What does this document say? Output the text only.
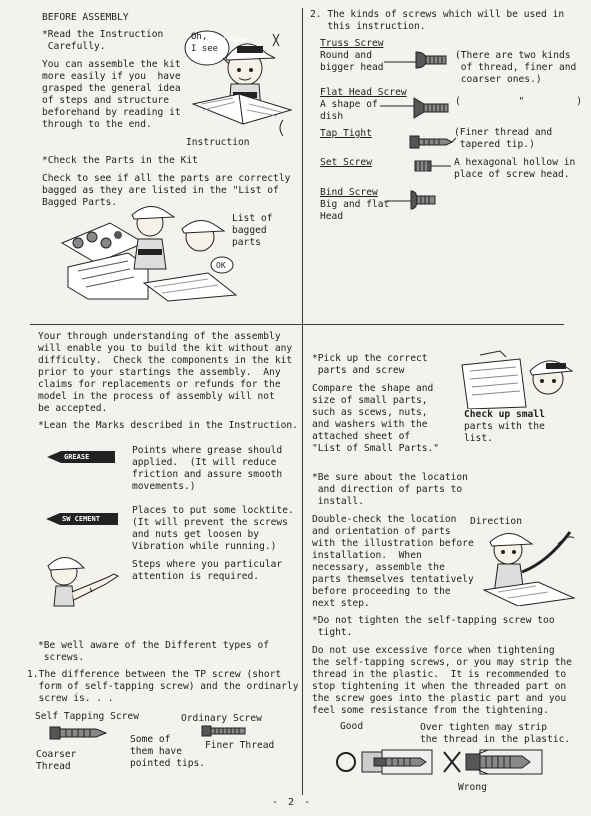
BEFORE ASSEMBLY
*Read the Instruction
Carefully.
You can assemble the kit
more easily if you  have
grasped the general idea
of steps and structure
beforehand by reading it
through to the end.
Oh,
I see
KYOSHO
Instruction
*Check the Parts in the Kit
Check to see if all the parts are correctly
bagged as they are listed in the "List of
Bagged Parts.
OK
List of
bagged
parts
2. The kinds of screws which will be used in
this instruction.
Truss Screw
Round and
bigger head
(There are two kinds
of thread, finer and
coarser ones.)
Flat Head Screw
A shape of
dish
(          "         )
Tap Tight	(Finer thread and
tapered tip.)
Set Screw	A hexagonal hollow in
place of screw head.
Bind Screw
Big and flat
Head
Your through understanding of the assembly
will enable you to build the kit without any
difficulty.  Check the components in the kit
prior to your startings the assembly.  Any
claims for replacements or refunds for the
model in the process of assembly will not
be accepted.
*Lean the Marks described in the Instruction.
GREASE
Points where grease should
applied.  (It will reduce
friction and assure smooth
movements.)
SW CEMENT
Places to put some locktite.
(It will prevent the screws
and nuts get loosen by
Vibration while running.)
Steps where you particular
attention is required.
*Be well aware of the Different types of
screws.
1.The difference between the TP screw (short
form of self-tapping screw) and the ordinarly
screw is. . .
Self Tapping Screw	Ordinary Screw
Coarser
Thread
Some of
them have
pointed tips.
Finer Thread
*Pick up the correct
parts and screw
Compare the shape and
size of small parts,
such as scews, nuts,
and washers with the
attached sheet of
"List of Small Parts."
Check up small
parts with the
list.
*Be sure about the location
and direction of parts to
install.
Double-check the location
and orientation of parts
with the illustration before
installation.  When
necessary, assemble the
parts themselves tentatively
before proceeding to the
next step.
Direction
*Do not tighten the self-tapping screw too
tight.
Do not use excessive force when tightening
the self-tapping screws, or you may strip the
thread in the plastic.  It is recommended to
stop tightening it when the threaded part on
the screw goes into the plastic part and you
feel some resistance from the tightening.
Good	Over tighten may strip
the thread in the plastic.
Wrong
- 2 -
